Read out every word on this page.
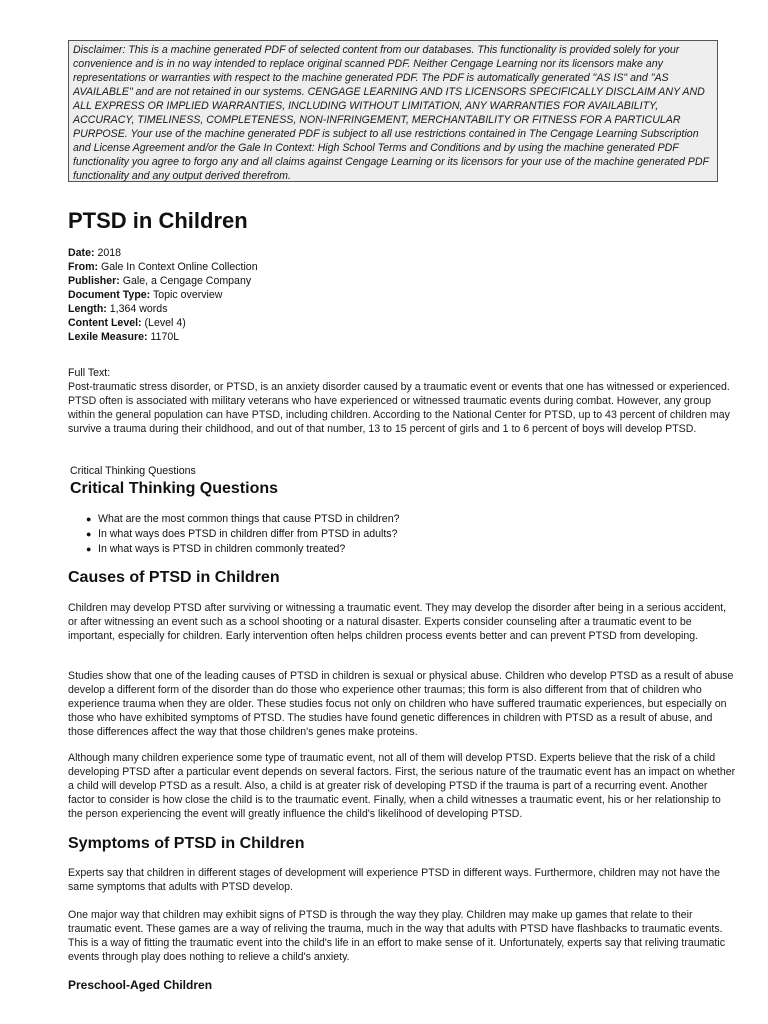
Disclaimer: This is a machine generated PDF of selected content from our databases. This functionality is provided solely for your convenience and is in no way intended to replace original scanned PDF. Neither Cengage Learning nor its licensors make any representations or warranties with respect to the machine generated PDF. The PDF is automatically generated "AS IS" and "AS AVAILABLE" and are not retained in our systems. CENGAGE LEARNING AND ITS LICENSORS SPECIFICALLY DISCLAIM ANY AND ALL EXPRESS OR IMPLIED WARRANTIES, INCLUDING WITHOUT LIMITATION, ANY WARRANTIES FOR AVAILABILITY, ACCURACY, TIMELINESS, COMPLETENESS, NON-INFRINGEMENT, MERCHANTABILITY OR FITNESS FOR A PARTICULAR PURPOSE. Your use of the machine generated PDF is subject to all use restrictions contained in The Cengage Learning Subscription and License Agreement and/or the Gale In Context: High School Terms and Conditions and by using the machine generated PDF functionality you agree to forgo any and all claims against Cengage Learning or its licensors for your use of the machine generated PDF functionality and any output derived therefrom.
PTSD in Children
Date: 2018
From: Gale In Context Online Collection
Publisher: Gale, a Cengage Company
Document Type: Topic overview
Length: 1,364 words
Content Level: (Level 4)
Lexile Measure: 1170L
Full Text:

Post-traumatic stress disorder, or PTSD, is an anxiety disorder caused by a traumatic event or events that one has witnessed or experienced. PTSD often is associated with military veterans who have experienced or witnessed traumatic events during combat. However, any group within the general population can have PTSD, including children. According to the National Center for PTSD, up to 43 percent of children may survive a trauma during their childhood, and out of that number, 13 to 15 percent of girls and 1 to 6 percent of boys will develop PTSD.

Critical Thinking Questions
Critical Thinking Questions
● What are the most common things that cause PTSD in children?
● In what ways does PTSD in children differ from PTSD in adults?
● In what ways is PTSD in children commonly treated?
Causes of PTSD in Children

Children may develop PTSD after surviving or witnessing a traumatic event. They may develop the disorder after being in a serious accident, or after witnessing an event such as a school shooting or a natural disaster. Experts consider counseling after a traumatic event to be important, especially for children. Early intervention often helps children process events better and can prevent PTSD from developing.

Studies show that one of the leading causes of PTSD in children is sexual or physical abuse. Children who develop PTSD as a result of abuse develop a different form of the disorder than do those who experience other traumas; this form is also different from that of children who experience trauma when they are older. These studies focus not only on children who have suffered traumatic experiences, but especially on those who have exhibited symptoms of PTSD. The studies have found genetic differences in children with PTSD as a result of abuse, and those differences affect the way that those children's genes make proteins.

Although many children experience some type of traumatic event, not all of them will develop PTSD. Experts believe that the risk of a child developing PTSD after a particular event depends on several factors. First, the serious nature of the traumatic event has an impact on whether a child will develop PTSD as a result. Also, a child is at greater risk of developing PTSD if the trauma is part of a recurring event. Another factor to consider is how close the child is to the traumatic event. Finally, when a child witnesses a traumatic event, his or her relationship to the person experiencing the event will greatly influence the child's likelihood of developing PTSD.

Symptoms of PTSD in Children

Experts say that children in different stages of development will experience PTSD in different ways. Furthermore, children may not have the same symptoms that adults with PTSD develop.

One major way that children may exhibit signs of PTSD is through the way they play. Children may make up games that relate to their traumatic event. These games are a way of reliving the trauma, much in the way that adults with PTSD have flashbacks to traumatic events. This is a way of fitting the traumatic event into the child's life in an effort to make sense of it. Unfortunately, experts say that reliving traumatic events through play does nothing to relieve a child's anxiety.

Preschool-Aged Children
